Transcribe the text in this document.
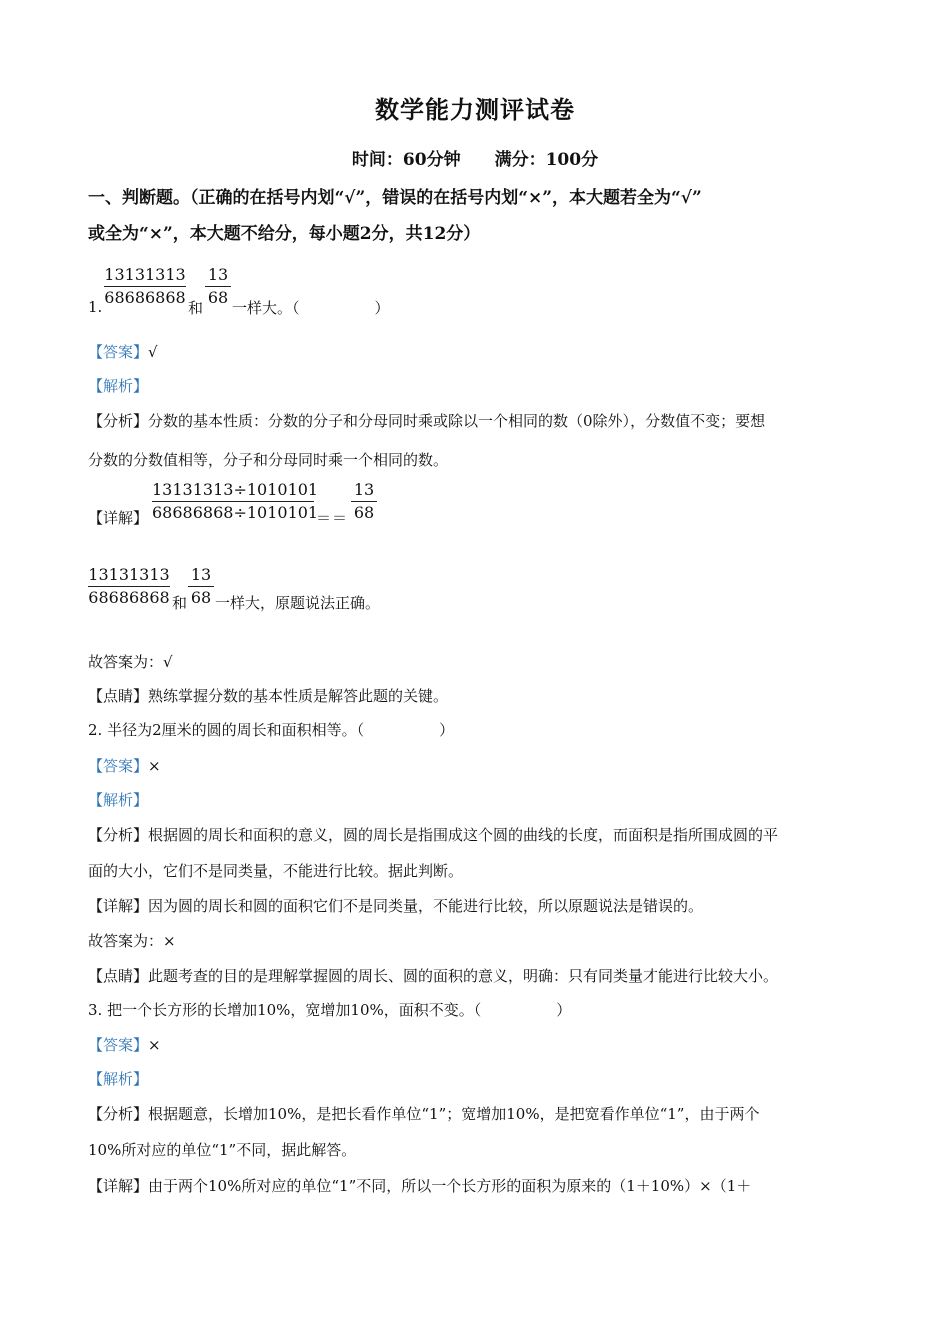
数学能力测评试卷
时间：60分钟　　满分：100分
一、判断题。（正确的在括号内划“√”，错误的在括号内划“×”，本大题若全为“√”
或全为“×”，本大题不给分，每小题2分，共12分）
1.
13131313
68686868
和
13
68
一样大。（　　　　　）
【答案】√
【解析】
【分析】分数的基本性质：分数的分子和分母同时乘或除以一个相同的数（0除外），分数值不变；要想
分数的分数值相等，分子和分母同时乘一个相同的数。
【详解】
13131313÷1010101
68686868÷1010101
＝ ＝
13
68
13131313
68686868 和
13
68 一样大，原题说法正确。
故答案为：√
【点睛】熟练掌握分数的基本性质是解答此题的关键。
2. 半径为2厘米的圆的周长和面积相等。（　　　　　）
【答案】×
【解析】
【分析】根据圆的周长和面积的意义，圆的周长是指围成这个圆的曲线的长度，而面积是指所围成圆的平
面的大小，它们不是同类量，不能进行比较。据此判断。
【详解】因为圆的周长和圆的面积它们不是同类量，不能进行比较，所以原题说法是错误的。
故答案为：×
【点睛】此题考查的目的是理解掌握圆的周长、圆的面积的意义，明确：只有同类量才能进行比较大小。
3. 把一个长方形的长增加10%，宽增加10%，面积不变。（　　　　　）
【答案】×
【解析】
【分析】根据题意，长增加10%，是把长看作单位“1”；宽增加10%，是把宽看作单位“1”，由于两个
10%所对应的单位“1”不同，据此解答。
【详解】由于两个10%所对应的单位“1”不同，所以一个长方形的面积为原来的（1＋10%）×（1＋
